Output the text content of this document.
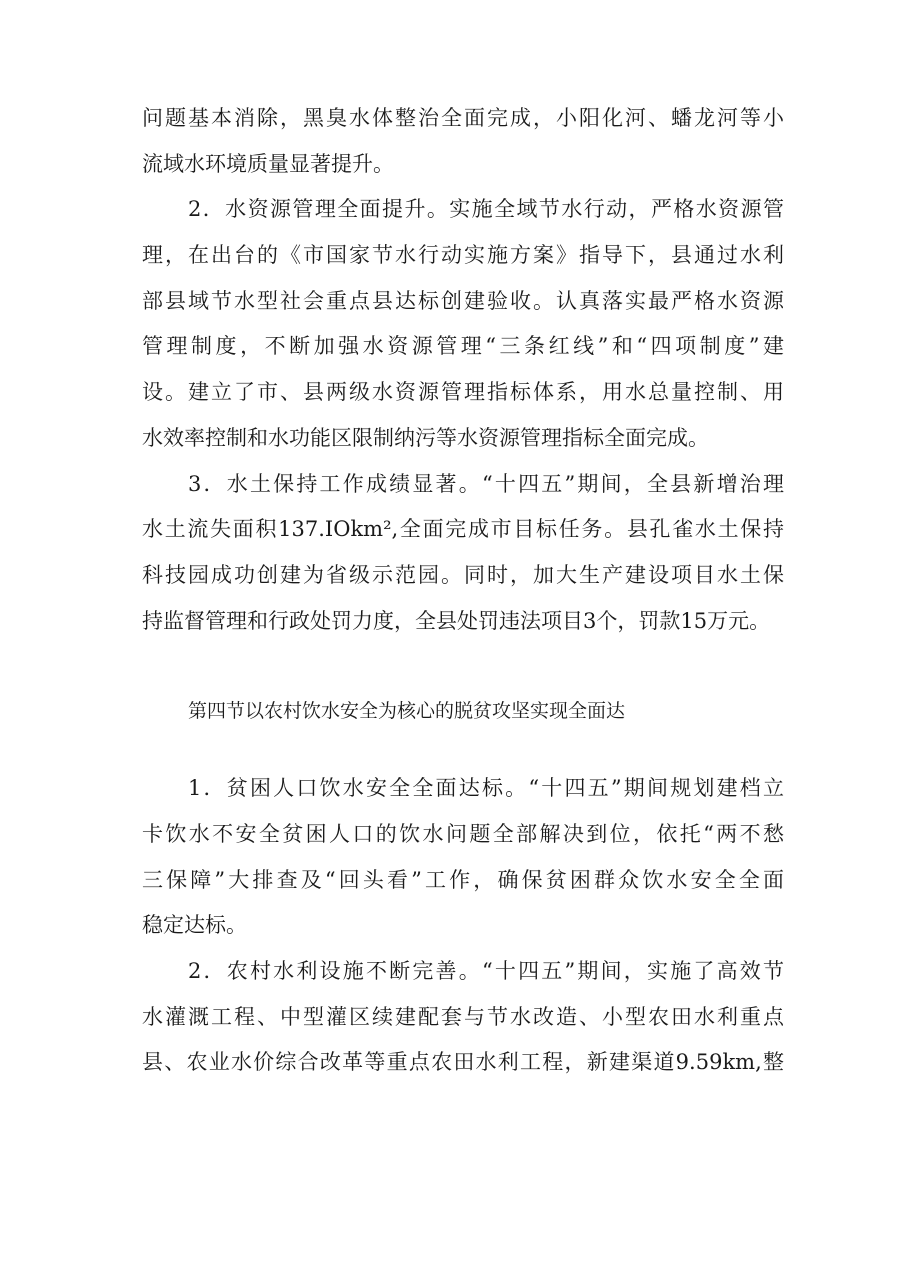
问题基本消除，黑臭水体整治全面完成，小阳化河、蟠龙河等小
流域水环境质量显著提升。
2．水资源管理全面提升。实施全域节水行动，严格水资源管
理，在出台的《市国家节水行动实施方案》指导下，县通过水利
部县域节水型社会重点县达标创建验收。认真落实最严格水资源
管理制度，不断加强水资源管理“三条红线”和“四项制度”建
设。建立了市、县两级水资源管理指标体系，用水总量控制、用
水效率控制和水功能区限制纳污等水资源管理指标全面完成。
3．水土保持工作成绩显著。“十四五”期间，全县新增治理
水土流失面积137.IOkm²,全面完成市目标任务。县孔雀水土保持
科技园成功创建为省级示范园。同时，加大生产建设项目水土保
持监督管理和行政处罚力度，全县处罚违法项目3个，罚款15万元。
第四节以农村饮水安全为核心的脱贫攻坚实现全面达
1．贫困人口饮水安全全面达标。“十四五”期间规划建档立
卡饮水不安全贫困人口的饮水问题全部解决到位，依托“两不愁
三保障”大排查及“回头看”工作，确保贫困群众饮水安全全面
稳定达标。
2．农村水利设施不断完善。“十四五”期间，实施了高效节
水灌溉工程、中型灌区续建配套与节水改造、小型农田水利重点
县、农业水价综合改革等重点农田水利工程，新建渠道9.59km,整
